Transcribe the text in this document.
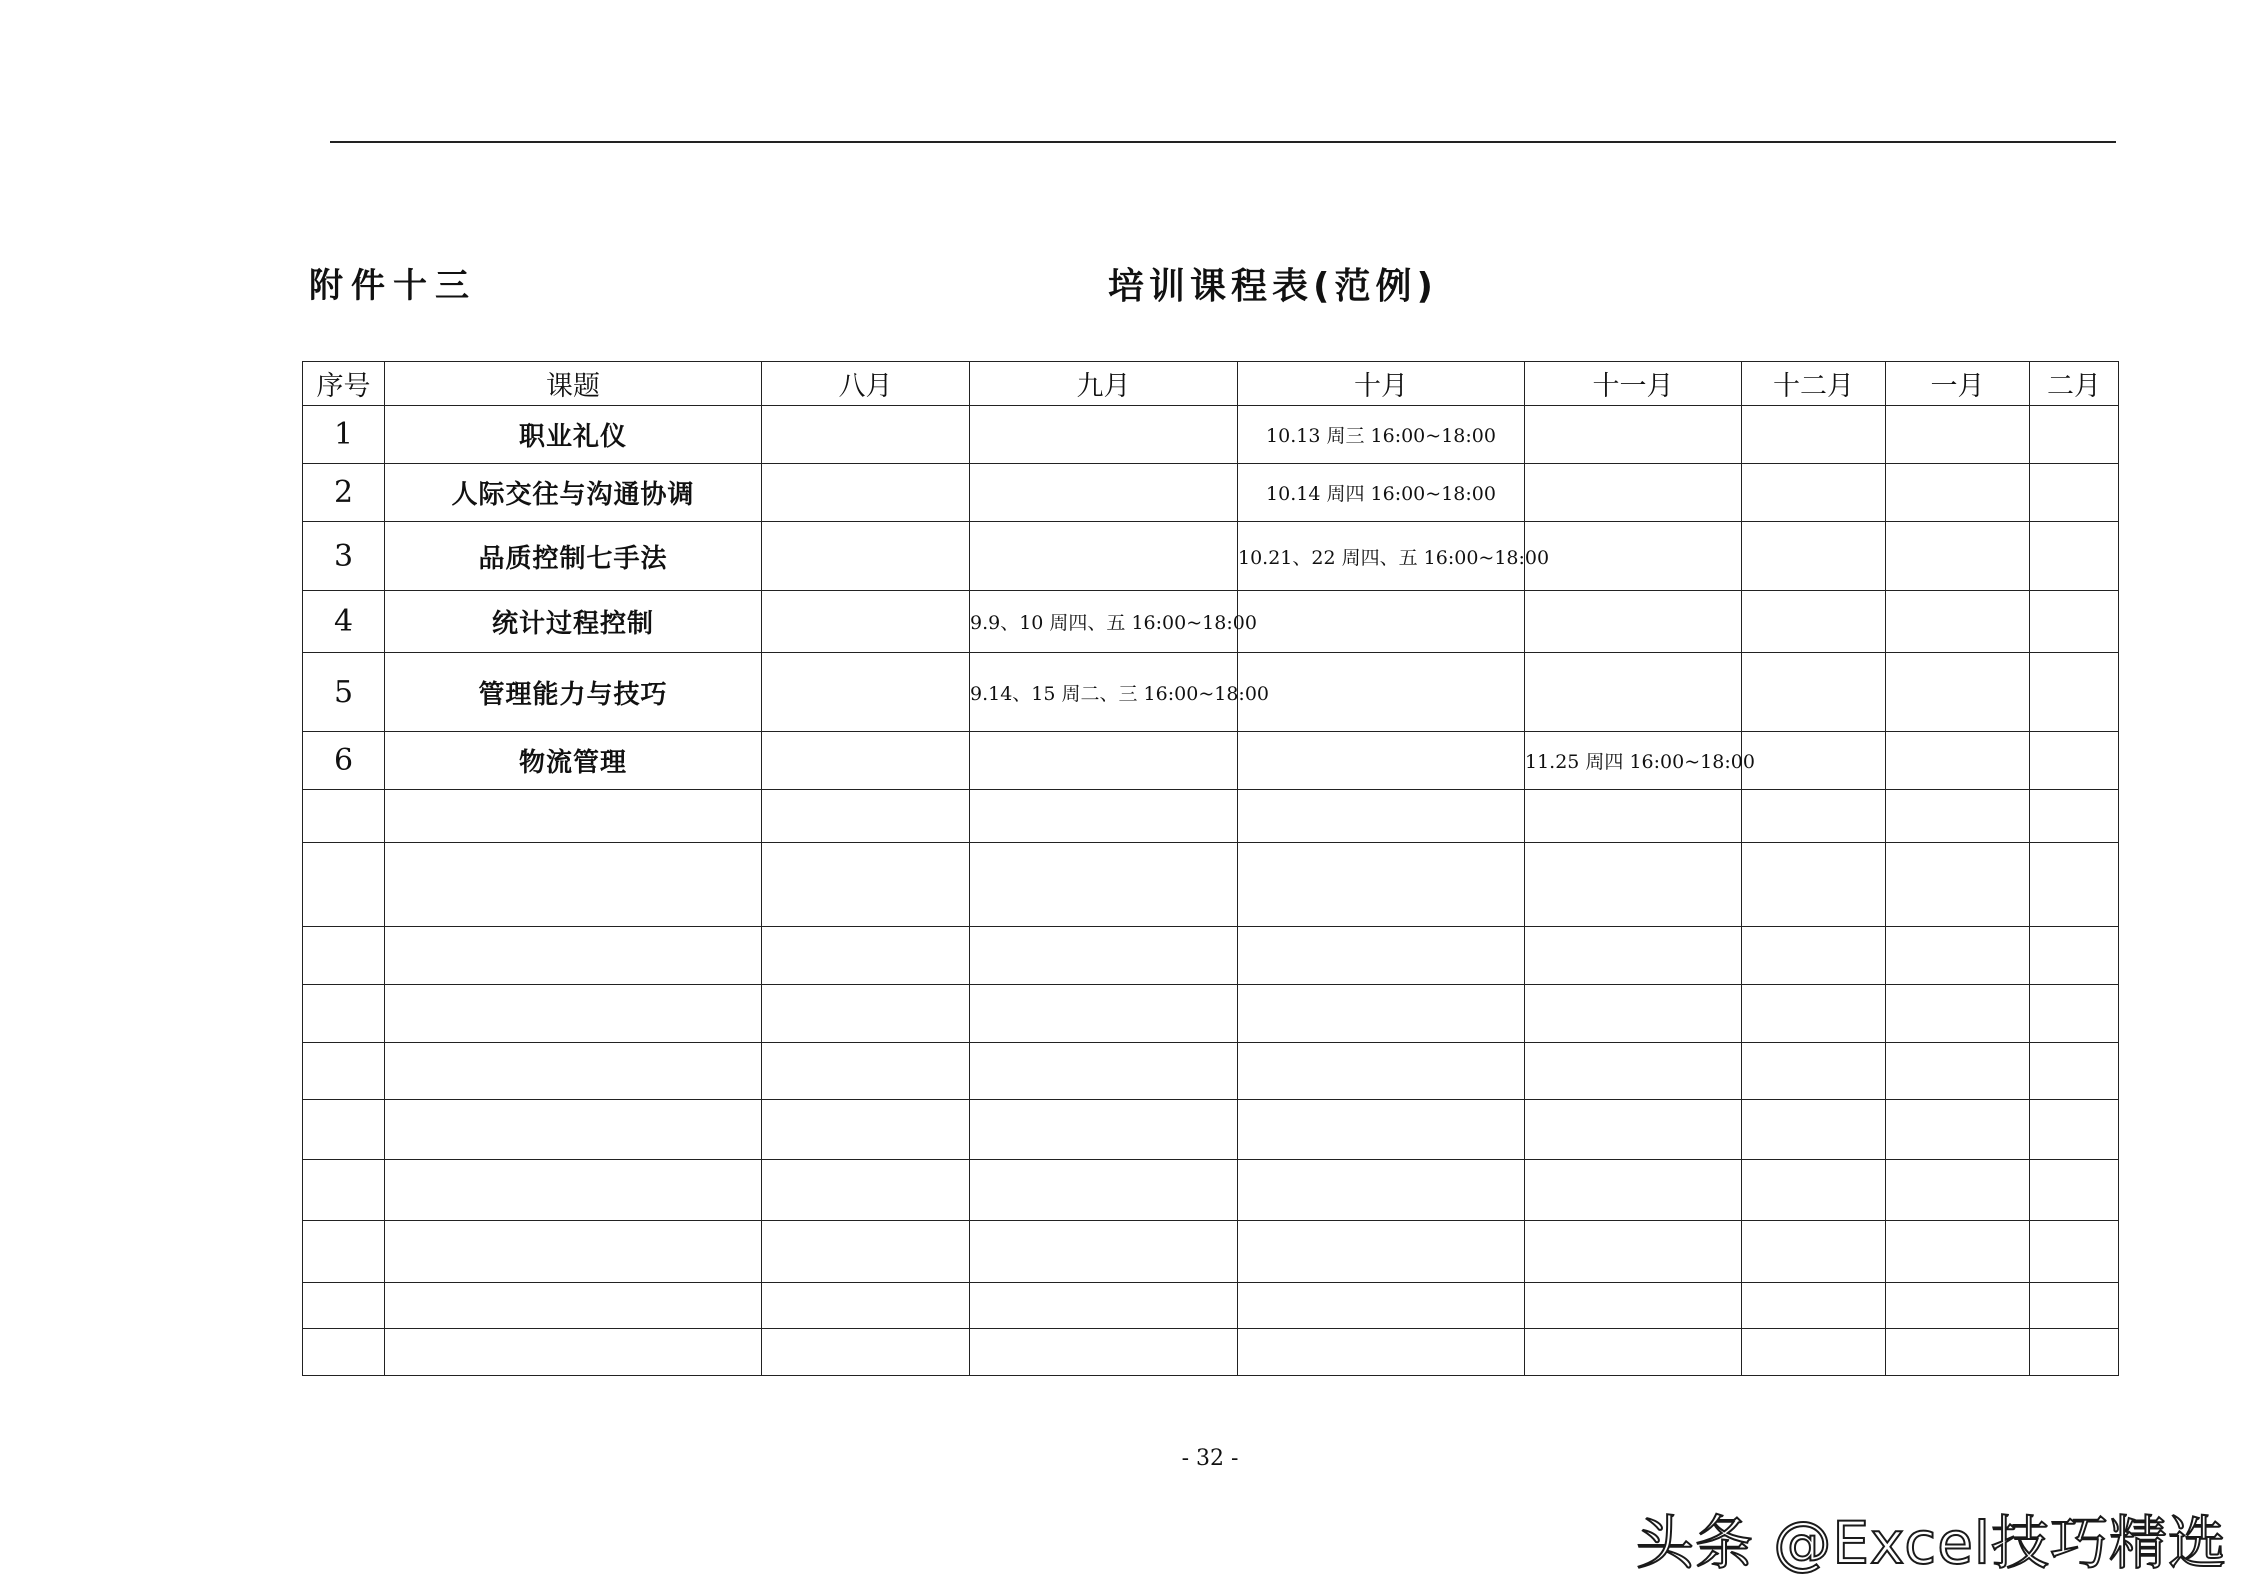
附件十三	培训课程表(范例)
序号	课题	八月	九月	十月	十一月	十二月	一月	二月
1	职业礼仪			10.13 周三 16:00~18:00				
2	人际交往与沟通协调			10.14 周四 16:00~18:00				
3	品质控制七手法			10.21、22 周四、五 16:00~18:00				
4	统计过程控制		9.9、10 周四、五 16:00~18:00					
5	管理能力与技巧		9.14、15 周二、三 16:00~18:00					
6	物流管理				11.25 周四 16:00~18:00			

- 32 -
头条 @Excel技巧精选
